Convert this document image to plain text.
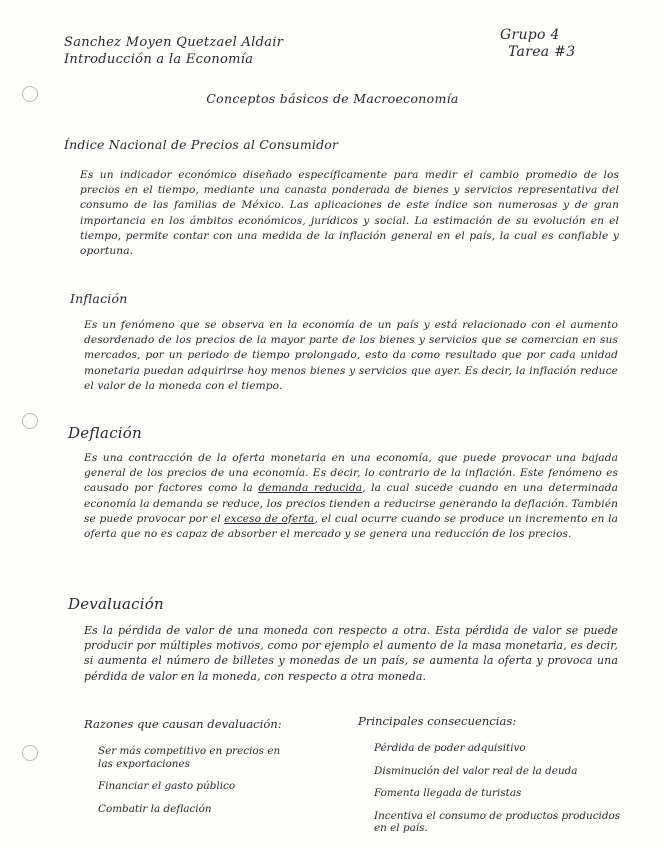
Sanchez Moyen Quetzael Aldair
Introducción a la Economía
Grupo 4
Tarea #3
Conceptos básicos de Macroeconomía
Índice Nacional de Precios al Consumidor

Es un indicador económico diseñado específicamente para medir el cambio promedio de los precios en el tiempo, mediante una canasta ponderada de bienes y servicios representativa del consumo de las familias de México. Las aplicaciones de este índice son numerosas y de gran importancia en los ámbitos económicos, jurídicos y social. La estimación de su evolución en el tiempo, permite contar con una medida de la inflación general en el país, la cual es confiable y oportuna.

Inflación

Es un fenómeno que se observa en la economía de un país y está relacionado con el aumento desordenado de los precios de la mayor parte de los bienes y servicios que se comercian en sus mercados, por un periodo de tiempo prolongado, esto da como resultado que por cada unidad monetaria puedan adquirirse hoy menos bienes y servicios que ayer. Es decir, la inflación reduce el valor de la moneda con el tiempo.

Deflación

Es una contracción de la oferta monetaria en una economía, que puede provocar una bajada general de los precios de una economía. Es decir, lo contrario de la inflación. Este fenómeno es causado por factores como la demanda reducida, la cual sucede cuando en una determinada economía la demanda se reduce, los precios tienden a reducirse generando la deflación. También se puede provocar por el exceso de oferta, el cual ocurre cuando se produce un incremento en la oferta que no es capaz de absorber el mercado y se genera una reducción de los precios.

Devaluación

Es la pérdida de valor de una moneda con respecto a otra. Esta pérdida de valor se puede producir por múltiples motivos, como por ejemplo el aumento de la masa monetaria, es decir, si aumenta el número de billetes y monedas de un país, se aumenta la oferta y provoca una pérdida de valor en la moneda, con respecto a otra moneda.

Razones que causan devaluación:
Ser más competitivo en precios en las exportaciones
Financiar el gasto público
Combatir la deflación
Principales consecuencias:
Pérdida de poder adquisitivo
Disminución del valor real de la deuda
Fomenta llegada de turistas
Incentiva el consumo de productos producidos en el país.
